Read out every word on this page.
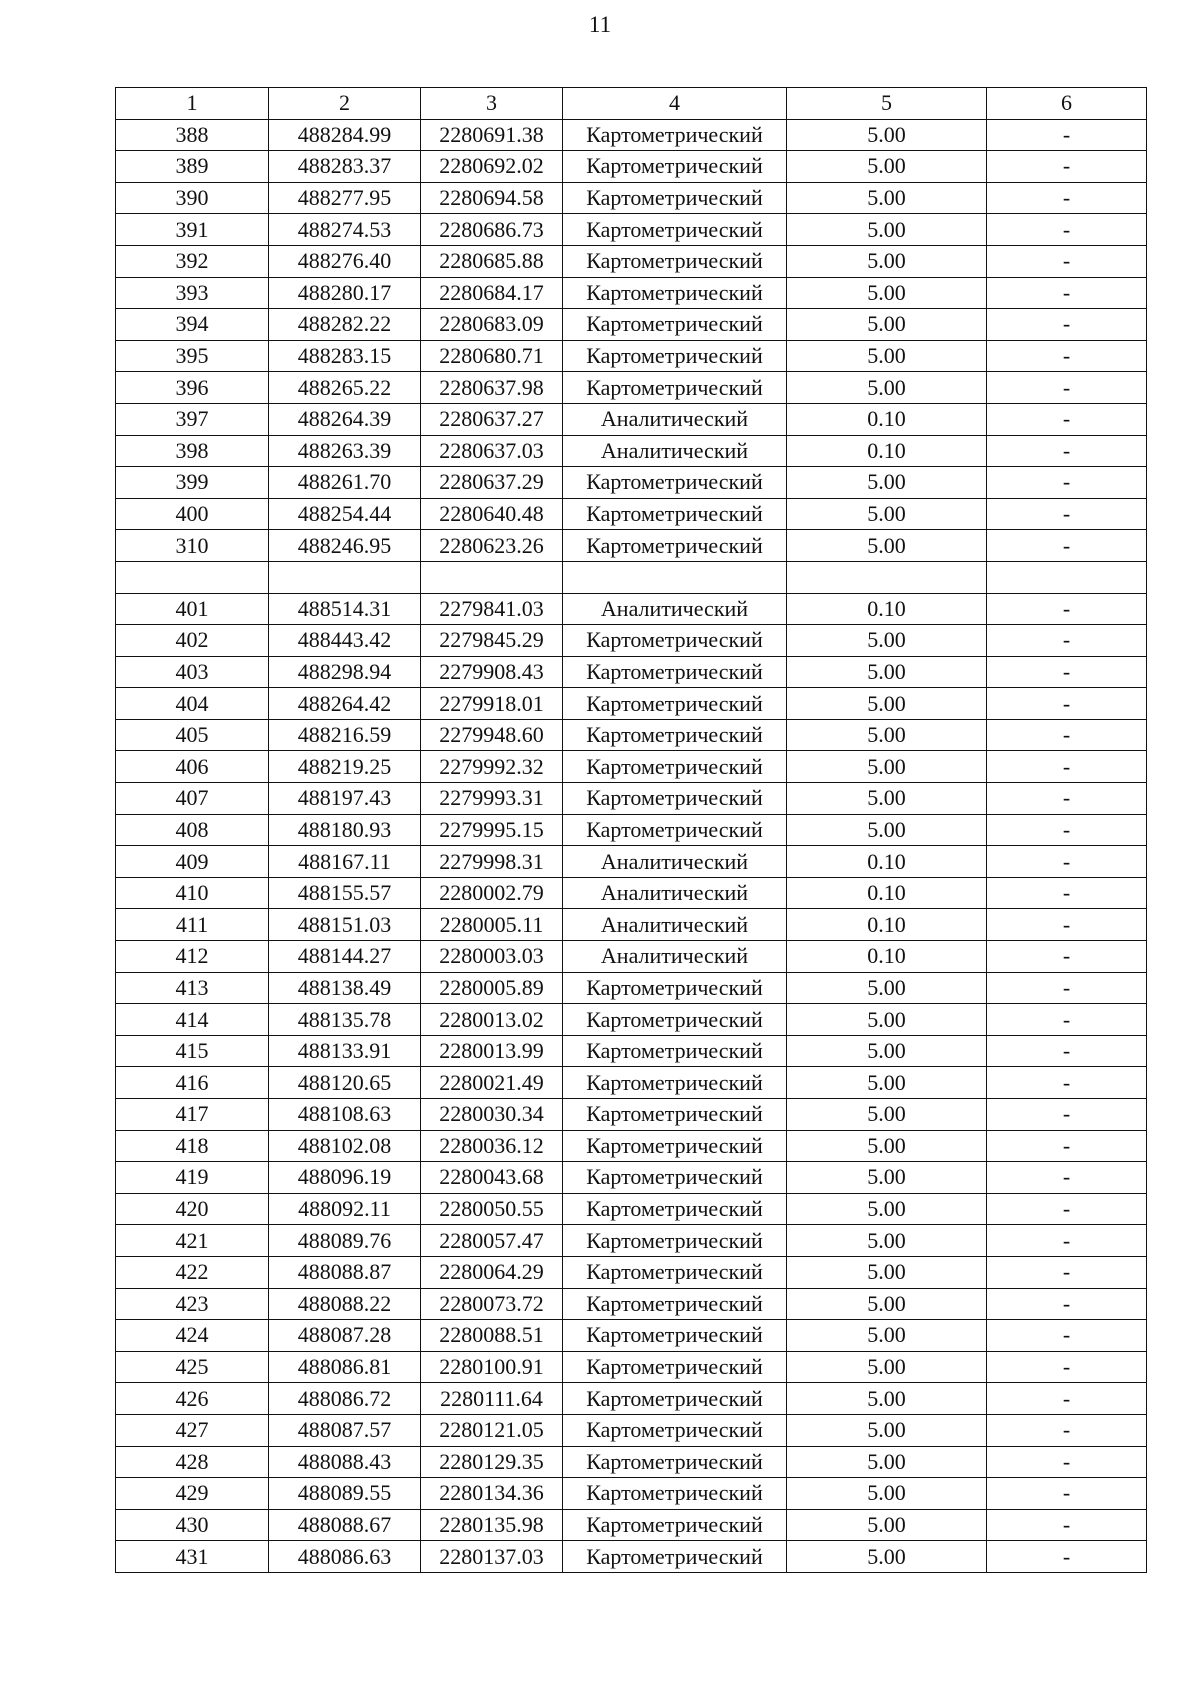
11
1	2	3	4	5	6
388	488284.99	2280691.38	Картометрический	5.00	-
389	488283.37	2280692.02	Картометрический	5.00	-
390	488277.95	2280694.58	Картометрический	5.00	-
391	488274.53	2280686.73	Картометрический	5.00	-
392	488276.40	2280685.88	Картометрический	5.00	-
393	488280.17	2280684.17	Картометрический	5.00	-
394	488282.22	2280683.09	Картометрический	5.00	-
395	488283.15	2280680.71	Картометрический	5.00	-
396	488265.22	2280637.98	Картометрический	5.00	-
397	488264.39	2280637.27	Аналитический	0.10	-
398	488263.39	2280637.03	Аналитический	0.10	-
399	488261.70	2280637.29	Картометрический	5.00	-
400	488254.44	2280640.48	Картометрический	5.00	-
310	488246.95	2280623.26	Картометрический	5.00	-

401	488514.31	2279841.03	Аналитический	0.10	-
402	488443.42	2279845.29	Картометрический	5.00	-
403	488298.94	2279908.43	Картометрический	5.00	-
404	488264.42	2279918.01	Картометрический	5.00	-
405	488216.59	2279948.60	Картометрический	5.00	-
406	488219.25	2279992.32	Картометрический	5.00	-
407	488197.43	2279993.31	Картометрический	5.00	-
408	488180.93	2279995.15	Картометрический	5.00	-
409	488167.11	2279998.31	Аналитический	0.10	-
410	488155.57	2280002.79	Аналитический	0.10	-
411	488151.03	2280005.11	Аналитический	0.10	-
412	488144.27	2280003.03	Аналитический	0.10	-
413	488138.49	2280005.89	Картометрический	5.00	-
414	488135.78	2280013.02	Картометрический	5.00	-
415	488133.91	2280013.99	Картометрический	5.00	-
416	488120.65	2280021.49	Картометрический	5.00	-
417	488108.63	2280030.34	Картометрический	5.00	-
418	488102.08	2280036.12	Картометрический	5.00	-
419	488096.19	2280043.68	Картометрический	5.00	-
420	488092.11	2280050.55	Картометрический	5.00	-
421	488089.76	2280057.47	Картометрический	5.00	-
422	488088.87	2280064.29	Картометрический	5.00	-
423	488088.22	2280073.72	Картометрический	5.00	-
424	488087.28	2280088.51	Картометрический	5.00	-
425	488086.81	2280100.91	Картометрический	5.00	-
426	488086.72	2280111.64	Картометрический	5.00	-
427	488087.57	2280121.05	Картометрический	5.00	-
428	488088.43	2280129.35	Картометрический	5.00	-
429	488089.55	2280134.36	Картометрический	5.00	-
430	488088.67	2280135.98	Картометрический	5.00	-
431	488086.63	2280137.03	Картометрический	5.00	-
